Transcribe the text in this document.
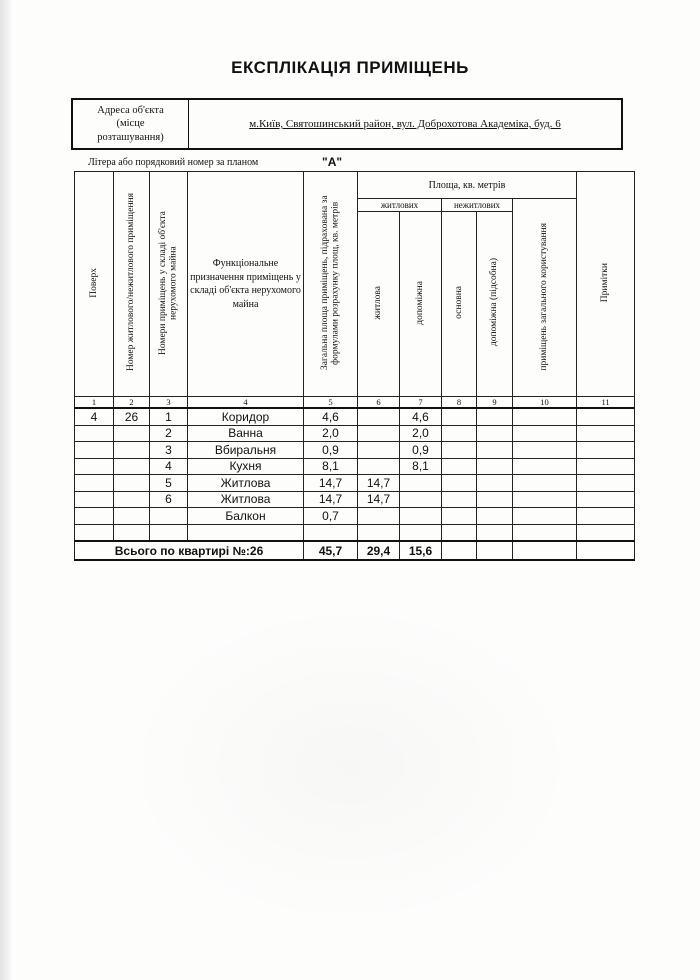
ЕКСПЛІКАЦІЯ ПРИМІЩЕНЬ
Адреса об'єкта
(місце
розташування)
м.Київ, Святошинський район, вул. Доброхотова Академіка, буд. 6
Літера або порядковий номер за планом	"А"
Поверх	Номер житлового/нежитлового приміщення	Номери приміщень у складі об'єкта нерухомого майна	Функціональне призначення приміщень у складі об'єкта нерухомого майна	Загальна площа приміщень, підрахована за формулами розрахунку площ, кв. метрів	Площа, кв. метрів					Примітки
					житлових		нежитлових		приміщень загального користування	
					житлова	допоміжна	основна	допоміжна (підсобна)		
1	2	3	4	5	6	7	8	9	10	11
4	26	1	Коридор	4,6		4,6				
		2	Ванна	2,0		2,0				
		3	Вбиральня	0,9		0,9				
		4	Кухня	8,1		8,1				
		5	Житлова	14,7	14,7					
		6	Житлова	14,7	14,7					
			Балкон	0,7						

Всього по квартирі №:26				45,7	29,4	15,6				
